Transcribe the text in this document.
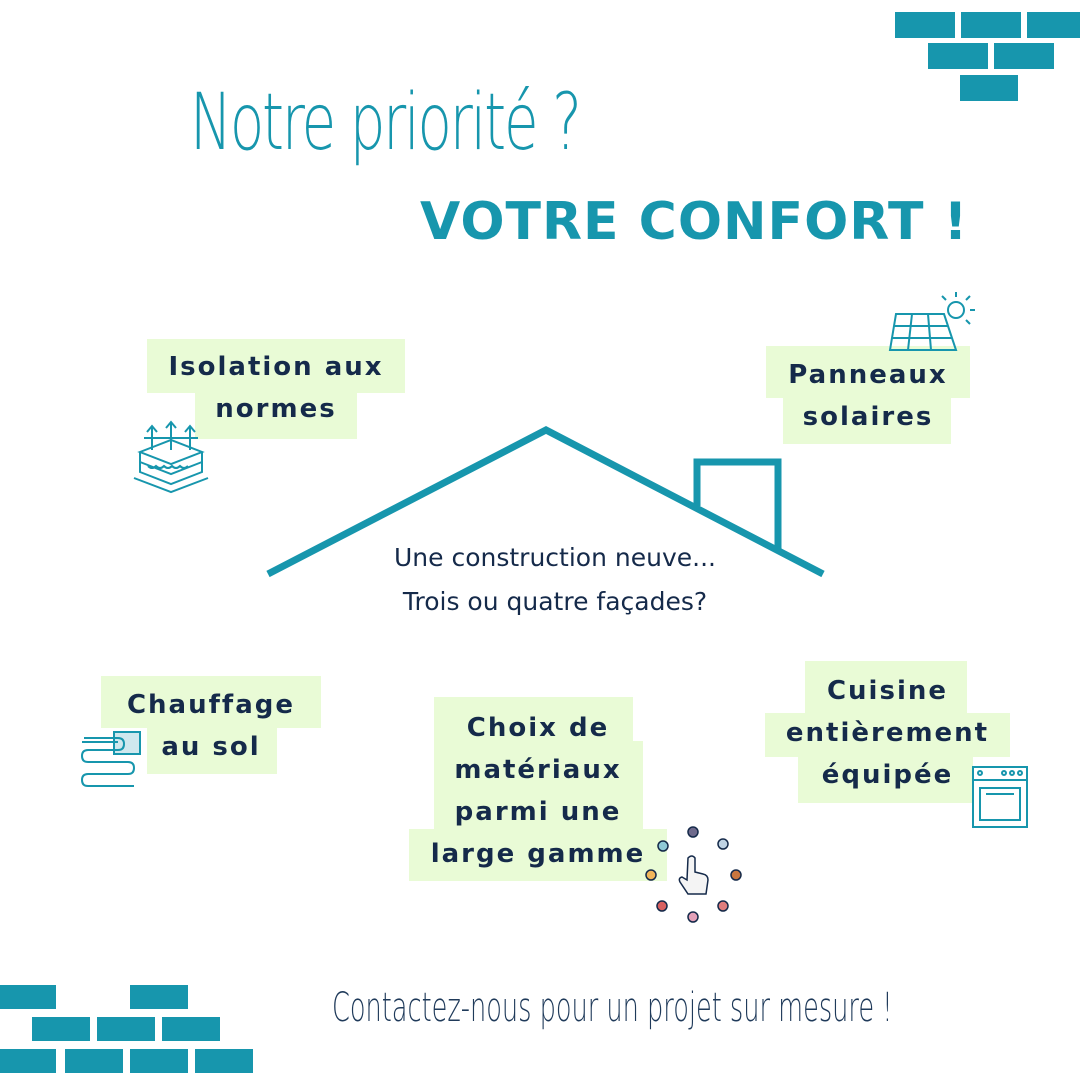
Notre priorité ?
VOTRE CONFORT !
Une construction neuve...
Trois ou quatre façades?
Isolation aux
normes
Panneaux
solaires
Chauffage
au sol
Choix de
matériaux
parmi une
large gamme
Cuisine
entièrement
équipée
Contactez-nous pour un projet sur mesure !
